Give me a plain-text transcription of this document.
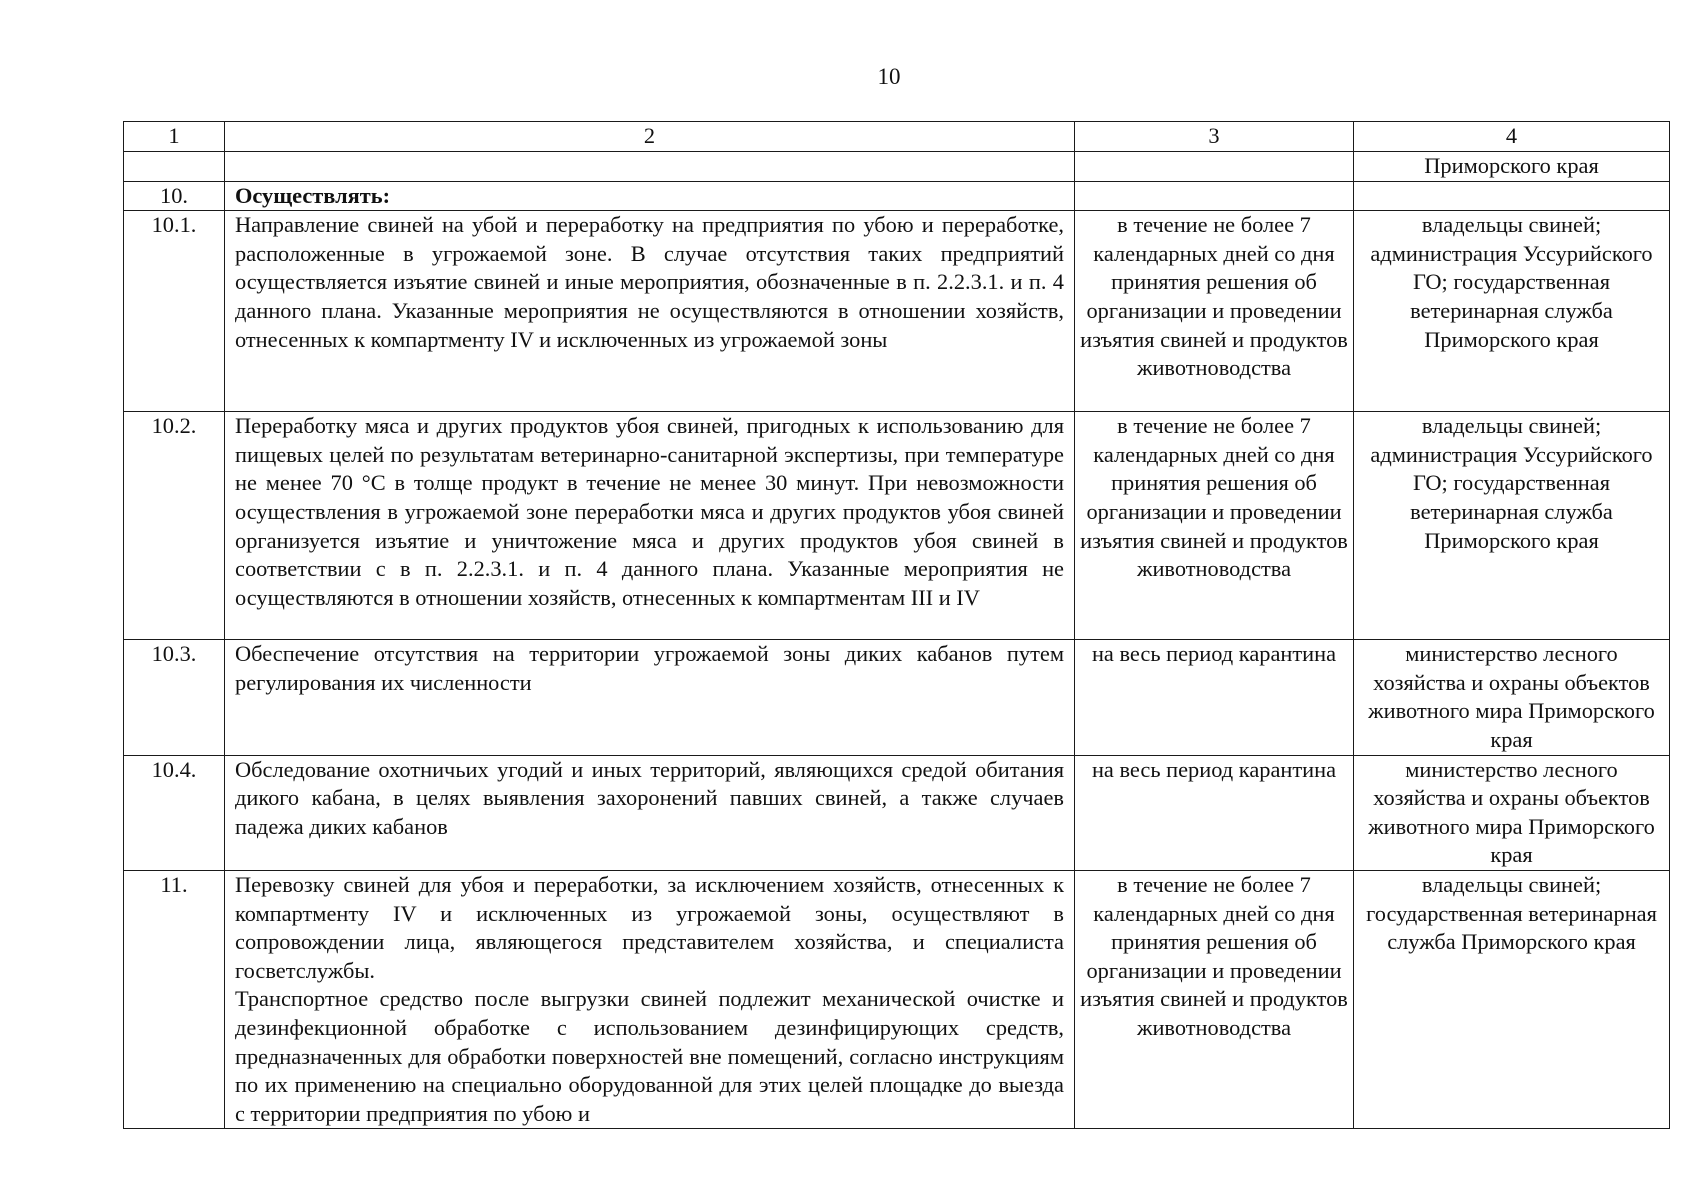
10
1	2	3	4
			Приморского края
10.	Осуществлять:		
10.1.	Направление свиней на убой и переработку на предприятия по убою и переработке, расположенные в угрожаемой зоне. В случае отсутствия таких предприятий осуществляется изъятие свиней и иные мероприятия, обозначенные в п. 2.2.3.1. и п. 4 данного плана. Указанные мероприятия не осуществляются в отношении хозяйств, отнесенных к компартменту IV и исключенных из угрожаемой зоны	в течение не более 7 календарных дней со дня принятия решения об организации и проведении изъятия свиней и продуктов животноводства	владельцы свиней; администрация Уссурийского ГО; государственная ветеринарная служба Приморского края
10.2.	Переработку мяса и других продуктов убоя свиней, пригодных к использованию для пищевых целей по результатам ветеринарно-санитарной экспертизы, при температуре не менее 70 °С в толще продукт в течение не менее 30 минут. При невозможности осуществления в угрожаемой зоне переработки мяса и других продуктов убоя свиней организуется изъятие и уничтожение мяса и других продуктов убоя свиней в соответствии с в п. 2.2.3.1. и п. 4 данного плана. Указанные мероприятия не осуществляются в отношении хозяйств, отнесенных к компартментам III и IV	в течение не более 7 календарных дней со дня принятия решения об организации и проведении изъятия свиней и продуктов животноводства	владельцы свиней; администрация Уссурийского ГО; государственная ветеринарная служба Приморского края
10.3.	Обеспечение отсутствия на территории угрожаемой зоны диких кабанов путем регулирования их численности	на весь период карантина	министерство лесного хозяйства и охраны объектов животного мира Приморского края
10.4.	Обследование охотничьих угодий и иных территорий, являющихся средой обитания дикого кабана, в целях выявления захоронений павших свиней, а также случаев падежа диких кабанов	на весь период карантина	министерство лесного хозяйства и охраны объектов животного мира Приморского края
11.	Перевозку свиней для убоя и переработки, за исключением хозяйств, отнесенных к компартменту IV и исключенных из угрожаемой зоны, осуществляют в сопровождении лица, являющегося представителем хозяйства, и специалиста госветслужбы.
Транспортное средство после выгрузки свиней подлежит механической очистке и дезинфекционной обработке с использованием дезинфицирующих средств, предназначенных для обработки поверхностей вне помещений, согласно инструкциям по их применению на специально оборудованной для этих целей площадке до выезда с территории предприятия по убою и	в течение не более 7 календарных дней со дня принятия решения об организации и проведении изъятия свиней и продуктов животноводства	владельцы свиней; государственная ветеринарная служба Приморского края
